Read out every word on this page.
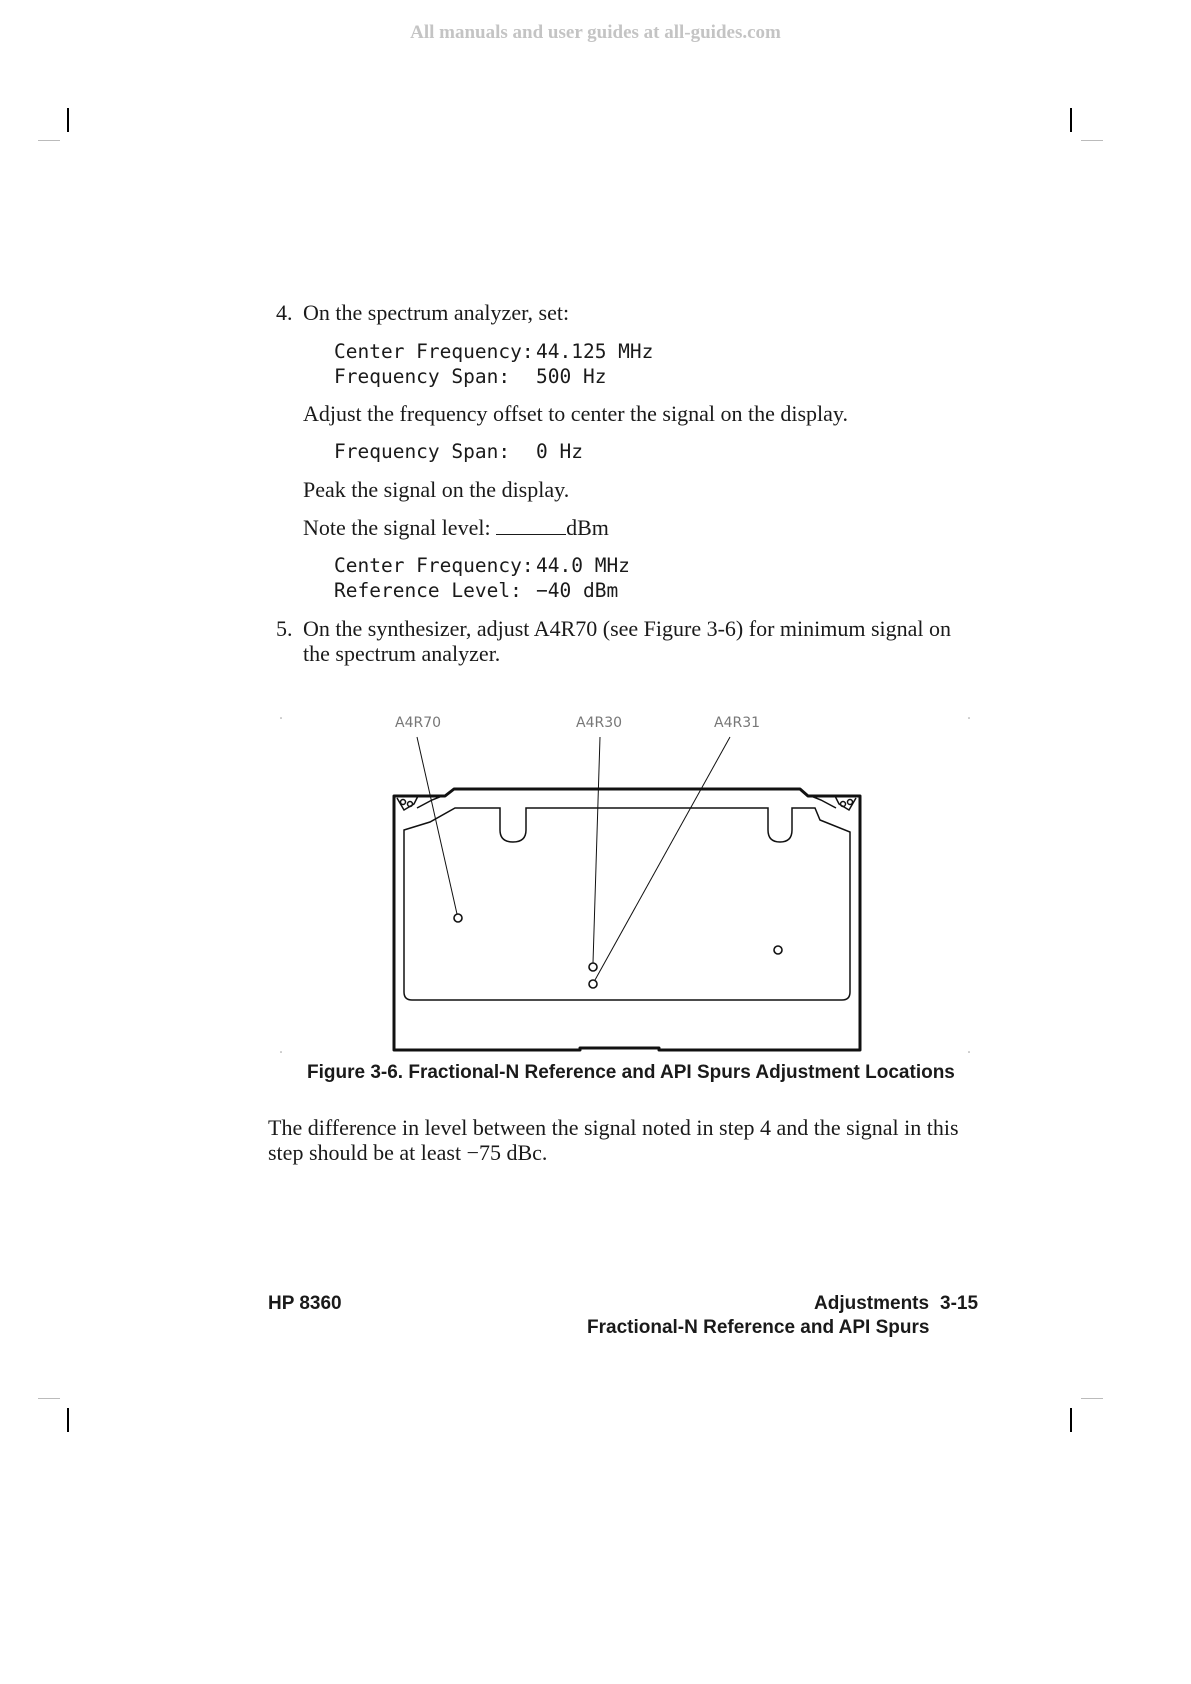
All manuals and user guides at all-guides.com
4. On the spectrum analyzer, set:
Center Frequency: 44.125 MHz
Frequency Span: 500 Hz
Adjust the frequency offset to center the signal on the display.
Frequency Span: 0 Hz
Peak the signal on the display.
Note the signal level:	dBm
Center Frequency: 44.0 MHz
Reference Level: −40 dBm
5. On the synthesizer, adjust A4R70 (see Figure 3-6) for minimum signal on
the spectrum analyzer.
A4R70	A4R30	A4R31
Figure 3-6. Fractional-N Reference and API Spurs Adjustment Locations
The difference in level between the signal noted in step 4 and the signal in this
step should be at least −75 dBc.
HP 8360	Adjustments 3-15
Fractional-N Reference and API Spurs
